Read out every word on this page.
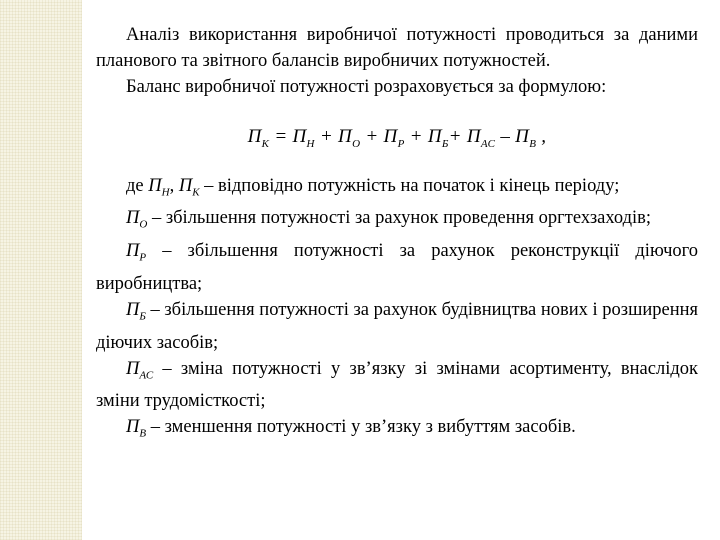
Аналіз використання виробничої потужності проводиться за даними планового та звітного балансів виробничих потужностей.

Баланс виробничої потужності розраховується за формулою:

$П_К = П_Н + П_О + П_Р + П_Б+ П_{АС} - П_В$ ,

де $П_Н$, $П_К$ – відповідно потужність на початок і кінець періоду;

$П_О$ – збільшення потужності за рахунок проведення оргтехзаходів;

$П_Р$ – збільшення потужності за рахунок реконструкції діючого виробництва;

$П_Б$ – збільшення потужності за рахунок будівництва нових і розширення діючих засобів;

$П_{АС}$ – зміна потужності у зв’язку зі змінами асортименту, внаслідок зміни трудомісткості;

$П_В$ – зменшення потужності у зв’язку з вибуттям засобів.
